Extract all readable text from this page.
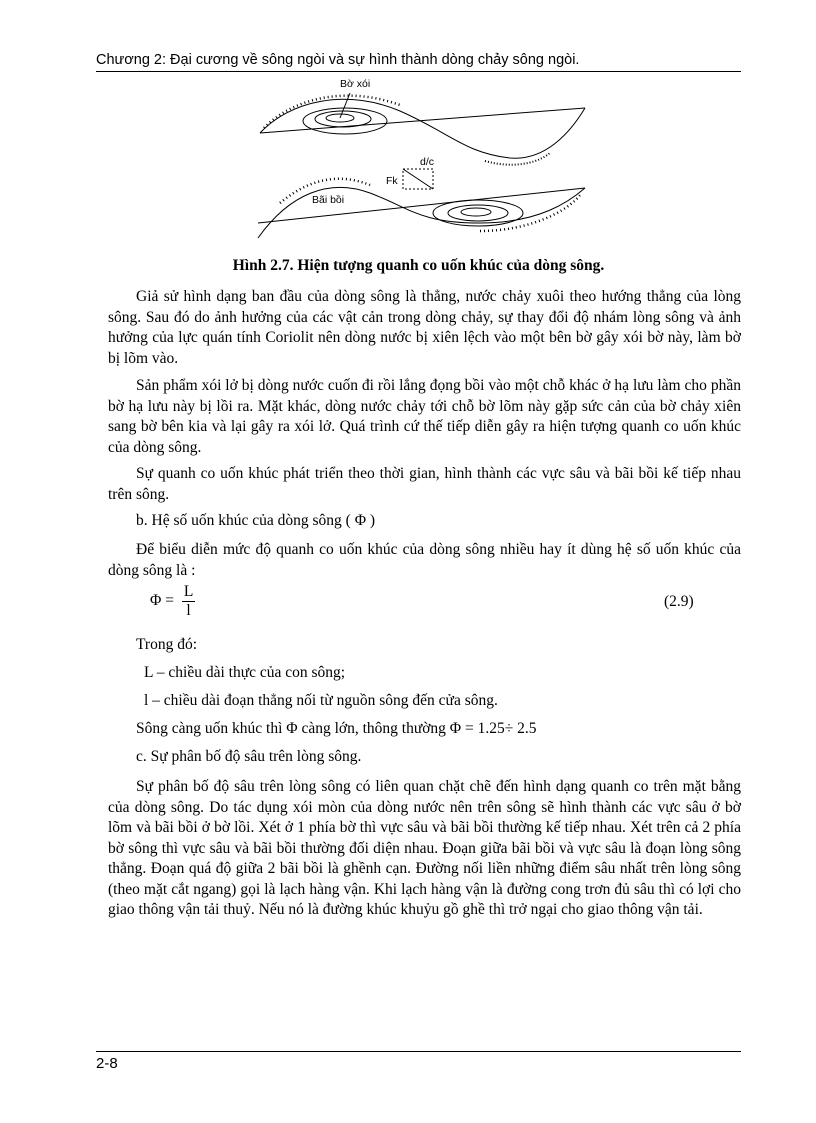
Chương 2: Đại cương về sông ngòi và sự hình thành dòng chảy sông ngòi.
Bờ xói
d/c
Fk
Bãi bồi
Hình 2.7. Hiện tượng quanh co uốn khúc của dòng sông.

Giả sử hình dạng ban đầu của dòng sông là thẳng, nước chảy xuôi theo hướng thẳng của lòng sông. Sau đó do ảnh hưởng của các vật cản trong dòng chảy, sự thay đổi độ nhám lòng sông và ảnh hưởng của lực quán tính Coriolit nên dòng nước bị xiên lệch vào một bên bờ gây xói bờ này, làm bờ bị lõm vào.

Sản phẩm xói lở bị dòng nước cuốn đi rồi lắng đọng bồi vào một chỗ khác ở hạ lưu làm cho phần bờ hạ lưu này bị lồi ra. Mặt khác, dòng nước chảy tới chỗ bờ lõm này gặp sức cản của bờ chảy xiên sang bờ bên kia và lại gây ra xói lở. Quá trình cứ thế tiếp diễn gây ra hiện tượng quanh co uốn khúc của dòng sông.

Sự quanh co uốn khúc phát triển theo thời gian, hình thành các vực sâu và bãi bồi kế tiếp nhau trên sông.

b. Hệ số uốn khúc của dòng sông ( Φ )

Để biểu diễn mức độ quanh co uốn khúc của dòng sông nhiều hay ít dùng hệ số uốn khúc của dòng sông là :

$\Phi = \frac{L}{l}$	(2.9)
Trong đó:
L – chiều dài thực của con sông;
l – chiều dài đoạn thẳng nối từ nguồn sông đến cửa sông.
Sông càng uốn khúc thì Φ càng lớn, thông thường Φ = 1.25÷ 2.5
c. Sự phân bố độ sâu trên lòng sông.

Sự phân bố độ sâu trên lòng sông có liên quan chặt chẽ đến hình dạng quanh co trên mặt bằng của dòng sông. Do tác dụng xói mòn của dòng nước nên trên sông sẽ hình thành các vực sâu ở bờ lõm và bãi bồi ở bờ lồi. Xét ở 1 phía bờ thì vực sâu và bãi bồi thường kế tiếp nhau. Xét trên cả 2 phía bờ sông thì vực sâu và bãi bồi thường đối diện nhau. Đoạn giữa bãi bồi và vực sâu là đoạn lòng sông thẳng. Đoạn quá độ giữa 2 bãi bồi là ghềnh cạn. Đường nối liền những điểm sâu nhất trên lòng sông (theo mặt cắt ngang) gọi là lạch hàng vận. Khi lạch hàng vận là đường cong trơn đủ sâu thì có lợi cho giao thông vận tải thuỷ. Nếu nó là đường khúc khuỷu gồ ghề thì trở ngại cho giao thông vận tải.

2-8
